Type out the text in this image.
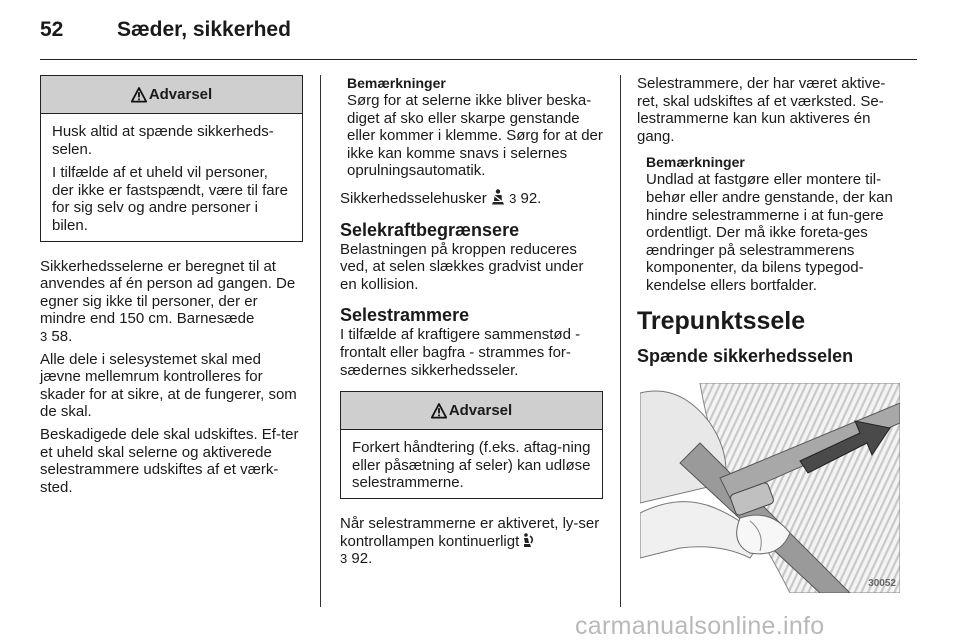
52	Sæder, sikkerhed
Advarsel

Husk altid at spænde sikkerheds-selen.

I tilfælde af et uheld vil personer, der ikke er fastspændt, være til fare for sig selv og andre personer i bilen.

Sikkerhedsselerne er beregnet til at anvendes af én person ad gangen. De egner sig ikke til personer, der er mindre end 150 cm. Barnesæde
3 58.

Alle dele i selesystemet skal med jævne mellemrum kontrolleres for skader for at sikre, at de fungerer, som de skal.

Beskadigede dele skal udskiftes. Ef-ter et uheld skal selerne og aktiverede selestrammere udskiftes af et værk-sted.

Bemærkninger

Sørg for at selerne ikke bliver beska-diget af sko eller skarpe genstande eller kommer i klemme. Sørg for at der ikke kan komme snavs i selernes oprulningsautomatik.

Sikkerhedsselehusker 3 92.

Selekraftbegrænsere

Belastningen på kroppen reduceres ved, at selen slækkes gradvist under en kollision.

Selestrammere

I tilfælde af kraftigere sammenstød - frontalt eller bagfra - strammes for-sædernes sikkerhedsseler.

Advarsel

Forkert håndtering (f.eks. aftag-ning eller påsætning af seler) kan udløse selestrammerne.

Når selestrammerne er aktiveret, ly-ser kontrollampen kontinuerligt
3 92.

Selestrammere, der har været aktive-ret, skal udskiftes af et værksted. Se-lestrammerne kan kun aktiveres én gang.

Bemærkninger

Undlad at fastgøre eller montere til-behør eller andre genstande, der kan hindre selestrammerne i at fun-gere ordentligt. Der må ikke foreta-ges ændringer på selestrammerens komponenter, da bilens typegod-kendelse ellers bortfalder.

Trepunktssele
Spænde sikkerhedsselen
30052
carmanualsonline.info
